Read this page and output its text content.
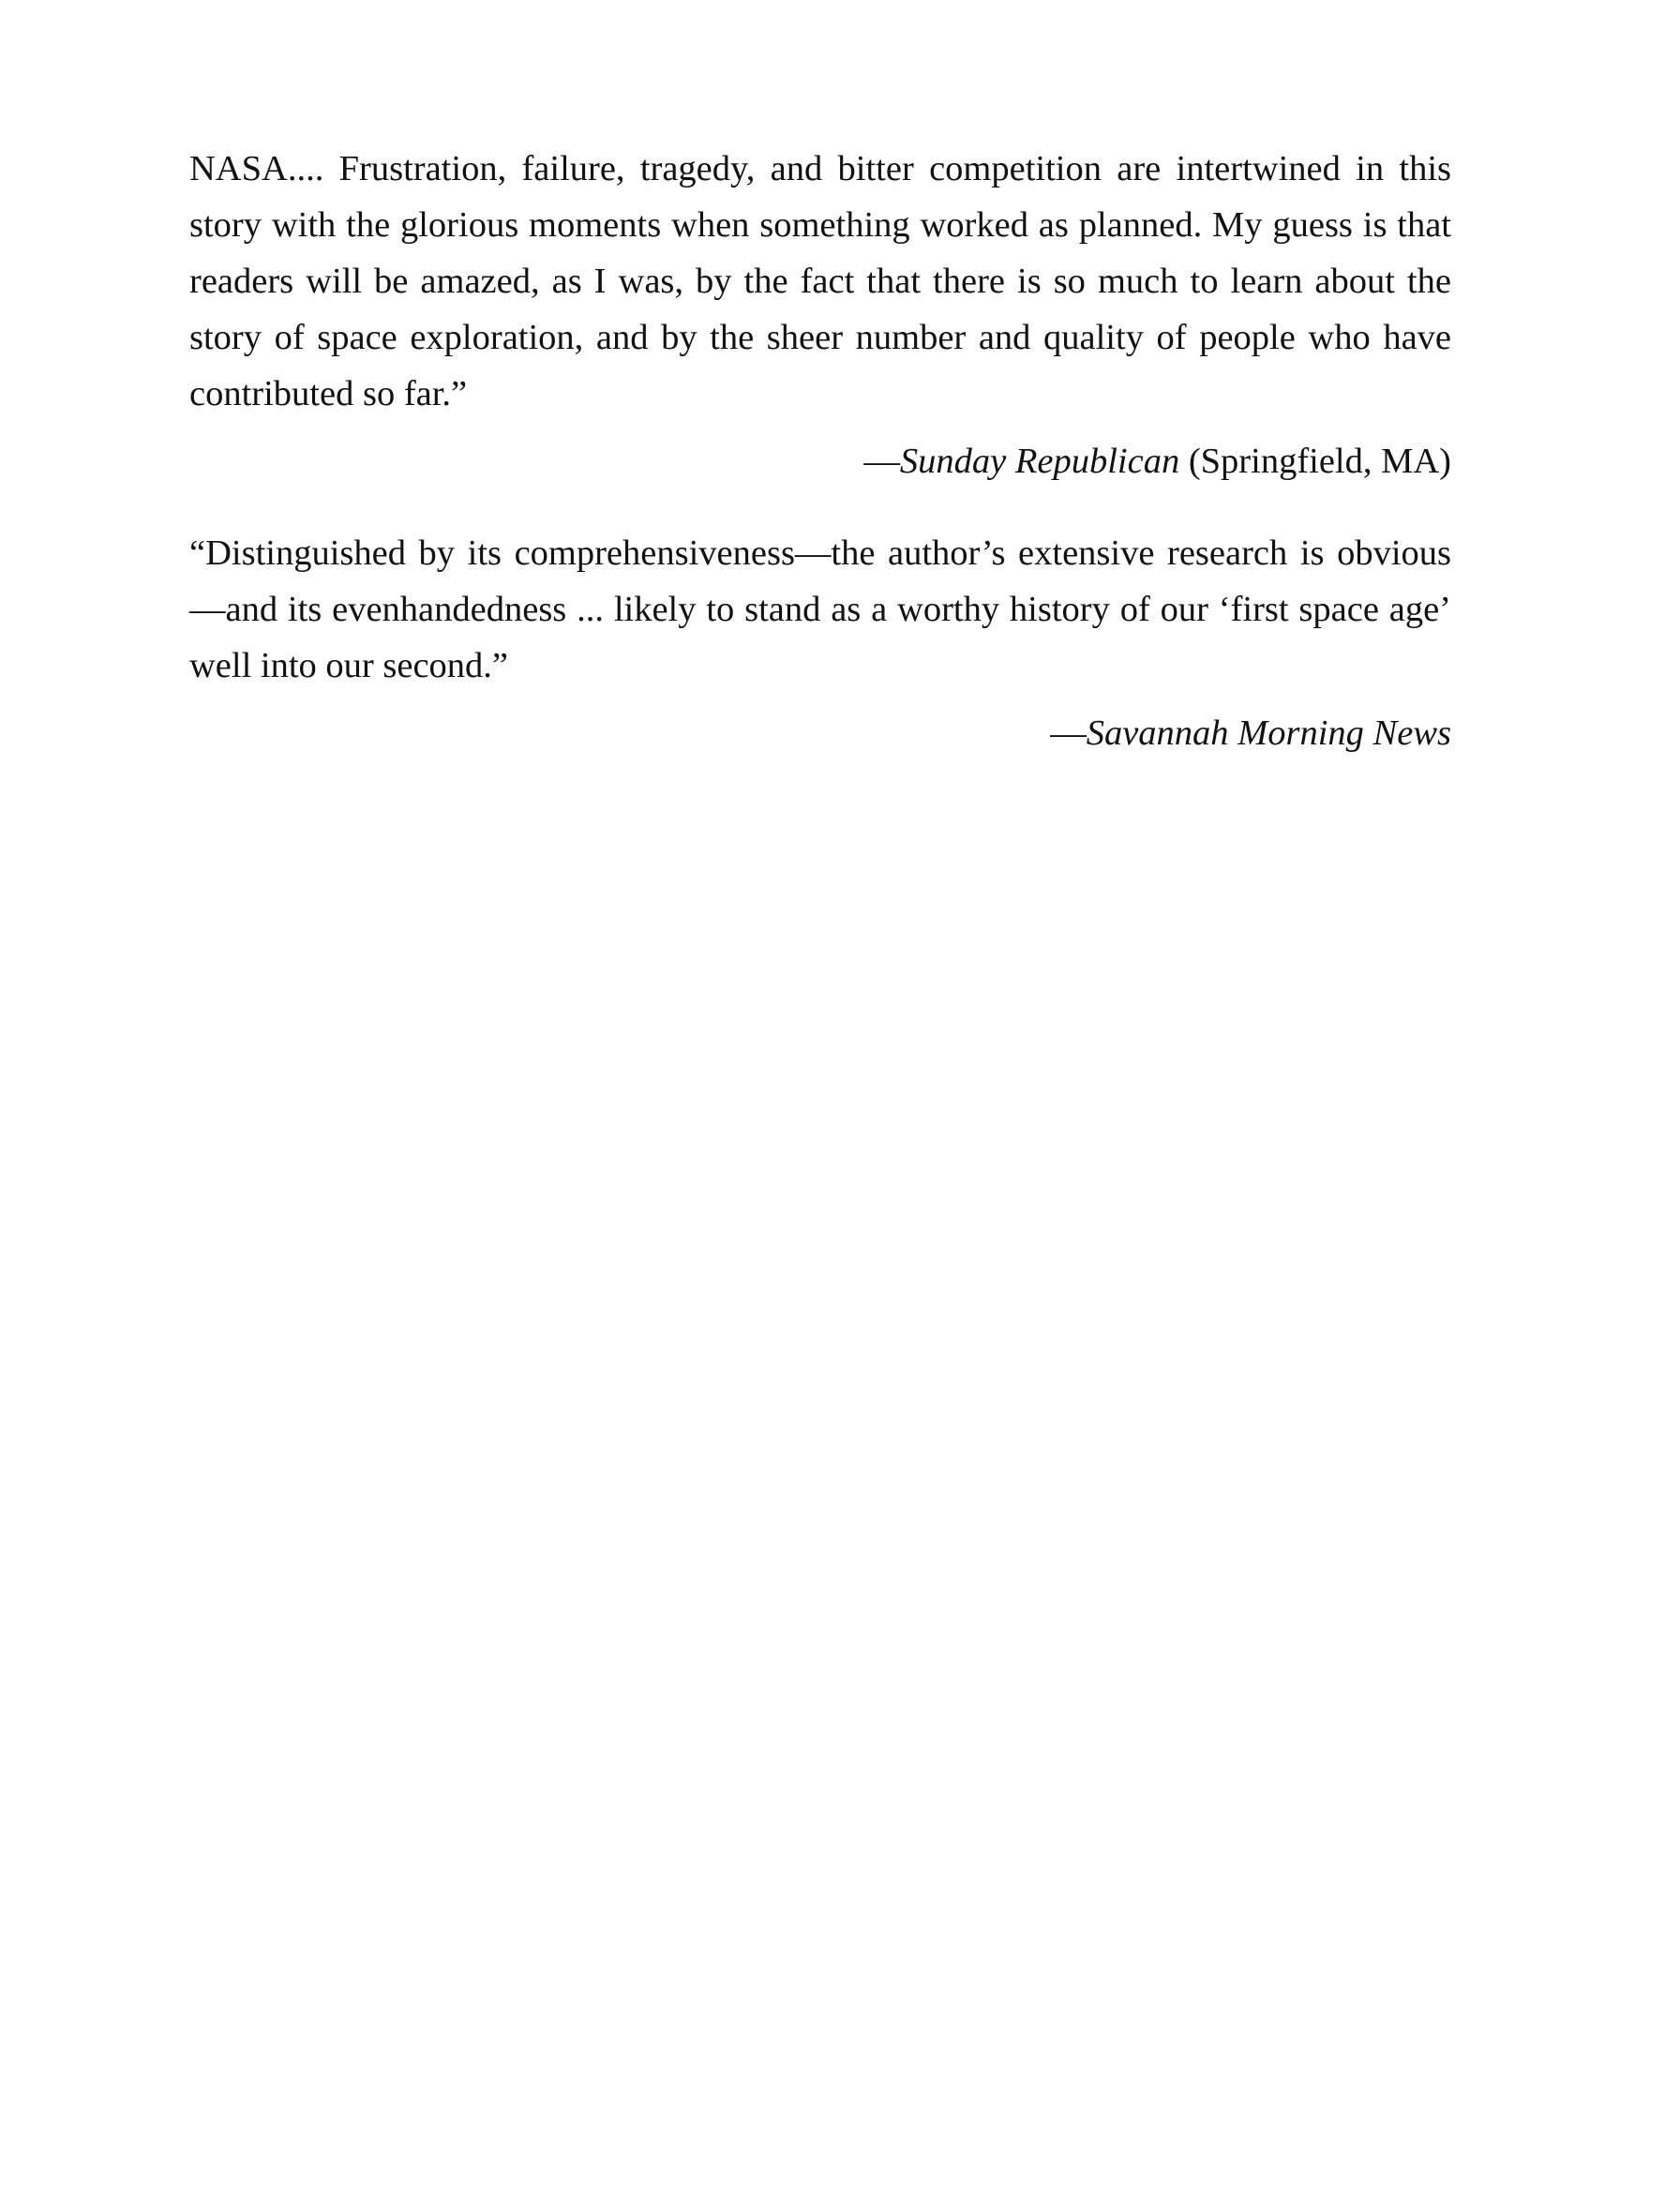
NASA.... Frustration, failure, tragedy, and bitter competition are intertwined in this story with the glorious moments when something worked as planned. My guess is that readers will be amazed, as I was, by the fact that there is so much to learn about the story of space exploration, and by the sheer number and quality of people who have contributed so far.”

—Sunday Republican (Springfield, MA)

“Distinguished by its comprehensiveness—the author’s extensive research is obvious—and its evenhandedness ... likely to stand as a worthy history of our ‘first space age’ well into our second.”

—Savannah Morning News
